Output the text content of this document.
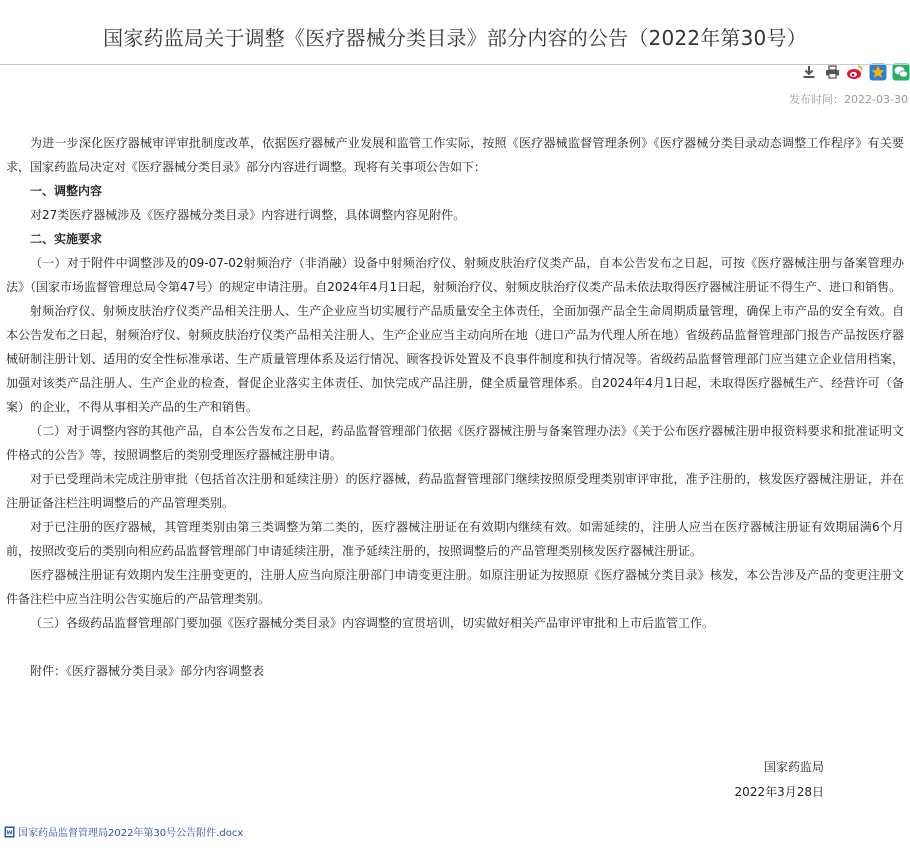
国家药监局关于调整《医疗器械分类目录》部分内容的公告（2022年第30号）
发布时间：2022-03-30

为进一步深化医疗器械审评审批制度改革，依据医疗器械产业发展和监管工作实际，按照《医疗器械监督管理条例》《医疗器械分类目录动态调整工作程序》有关要求，国家药监局决定对《医疗器械分类目录》部分内容进行调整。现将有关事项公告如下：

一、调整内容

对27类医疗器械涉及《医疗器械分类目录》内容进行调整，具体调整内容见附件。

二、实施要求

（一）对于附件中调整涉及的09-07-02射频治疗（非消融）设备中射频治疗仪、射频皮肤治疗仪类产品，自本公告发布之日起，可按《医疗器械注册与备案管理办法》（国家市场监督管理总局令第47号）的规定申请注册。自2024年4月1日起，射频治疗仪、射频皮肤治疗仪类产品未依法取得医疗器械注册证不得生产、进口和销售。

射频治疗仪、射频皮肤治疗仪类产品相关注册人、生产企业应当切实履行产品质量安全主体责任，全面加强产品全生命周期质量管理，确保上市产品的安全有效。自本公告发布之日起，射频治疗仪、射频皮肤治疗仪类产品相关注册人、生产企业应当主动向所在地（进口产品为代理人所在地）省级药品监督管理部门报告产品按医疗器械研制注册计划、适用的安全性标准承诺、生产质量管理体系及运行情况、顾客投诉处置及不良事件制度和执行情况等。省级药品监督管理部门应当建立企业信用档案，加强对该类产品注册人、生产企业的检查，督促企业落实主体责任、加快完成产品注册，健全质量管理体系。自2024年4月1日起，未取得医疗器械生产、经营许可（备案）的企业，不得从事相关产品的生产和销售。

（二）对于调整内容的其他产品，自本公告发布之日起，药品监督管理部门依据《医疗器械注册与备案管理办法》《关于公布医疗器械注册申报资料要求和批准证明文件格式的公告》等，按照调整后的类别受理医疗器械注册申请。

对于已受理尚未完成注册审批（包括首次注册和延续注册）的医疗器械，药品监督管理部门继续按照原受理类别审评审批，准予注册的，核发医疗器械注册证，并在注册证备注栏注明调整后的产品管理类别。

对于已注册的医疗器械，其管理类别由第三类调整为第二类的，医疗器械注册证在有效期内继续有效。如需延续的，注册人应当在医疗器械注册证有效期届满6个月前，按照改变后的类别向相应药品监督管理部门申请延续注册，准予延续注册的，按照调整后的产品管理类别核发医疗器械注册证。

医疗器械注册证有效期内发生注册变更的，注册人应当向原注册部门申请变更注册。如原注册证为按照原《医疗器械分类目录》核发，本公告涉及产品的变更注册文件备注栏中应当注明公告实施后的产品管理类别。

（三）各级药品监督管理部门要加强《医疗器械分类目录》内容调整的宣贯培训，切实做好相关产品审评审批和上市后监管工作。

附件：《医疗器械分类目录》部分内容调整表

国家药监局
2022年3月28日
国家药品监督管理局2022年第30号公告附件.docx
